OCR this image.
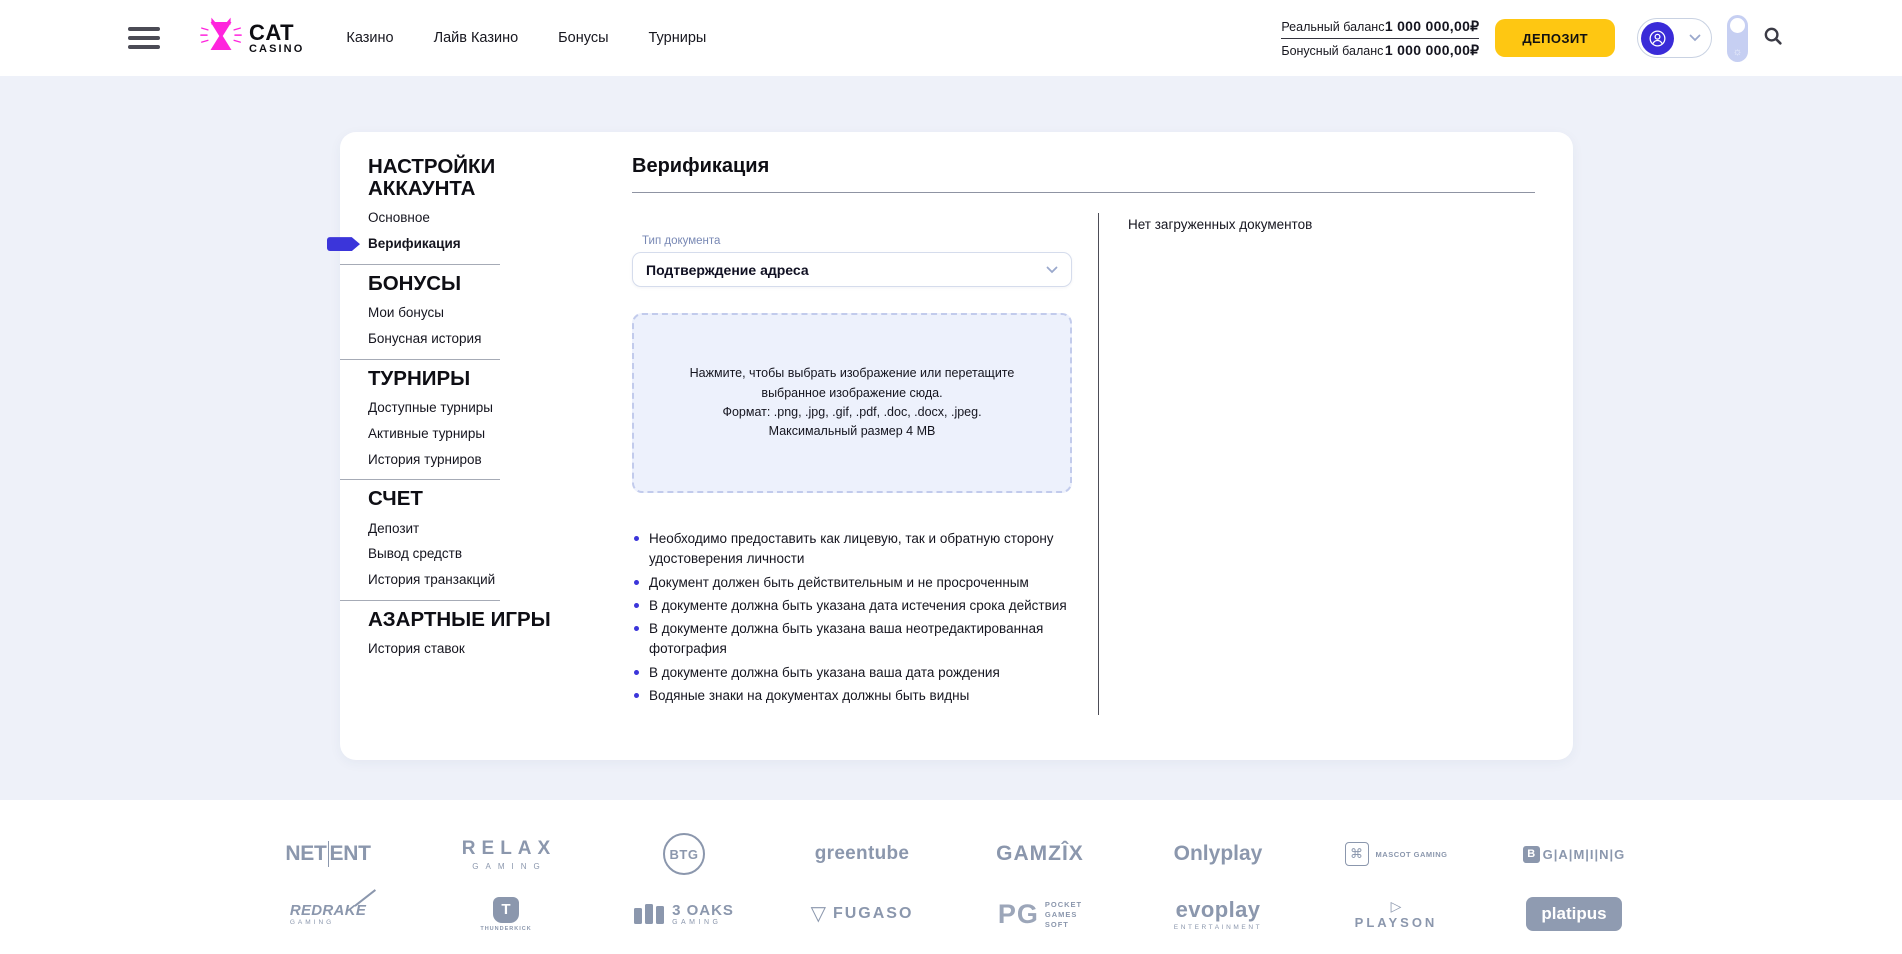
CAT
CASINO
Казино	Лайв Казино	Бонусы	Турниры
Реальный баланс 1 000 000,00₽
Бонусный баланс 1 000 000,00₽
ДЕПОЗИТ
☼
НАСТРОЙКИ АККАУНТА
Основное
Верификация
БОНУСЫ
Мои бонусы
Бонусная история
ТУРНИРЫ
Доступные турниры
Активные турниры
История турниров
СЧЕТ
Депозит
Вывод средств
История транзакций
АЗАРТНЫЕ ИГРЫ
История ставок
Верификация
Тип документа
Подтверждение адреса
Нажмите, чтобы выбрать изображение или перетащите выбранное изображение сюда.
Формат: .png, .jpg, .gif, .pdf, .doc, .docx, .jpeg.
Максимальный размер 4 МВ
Необходимо предоставить как лицевую, так и обратную сторону удостоверения личности
Документ должен быть действительным и не просроченным
В документе должна быть указана дата истечения срока действия
В документе должна быть указана ваша неотредактированная фотография
В документе должна быть указана ваша дата рождения
Водяные знаки на документах должны быть видны
Нет загруженных документов
NET ENT	RELAX
GAMING
BTG	greentube	GAMZÎX	Onlyplay	⌘	MASCOT GAMING	B G|A|M|I|N|G
REDRAKE
GAMING
T
THUNDERKICK
3 OAKS
GAMING	▽ FUGASO	PG POCKET
GAMES
SOFT
evoplay
ENTERTAINMENT
▷
PLAYSON	platipus
